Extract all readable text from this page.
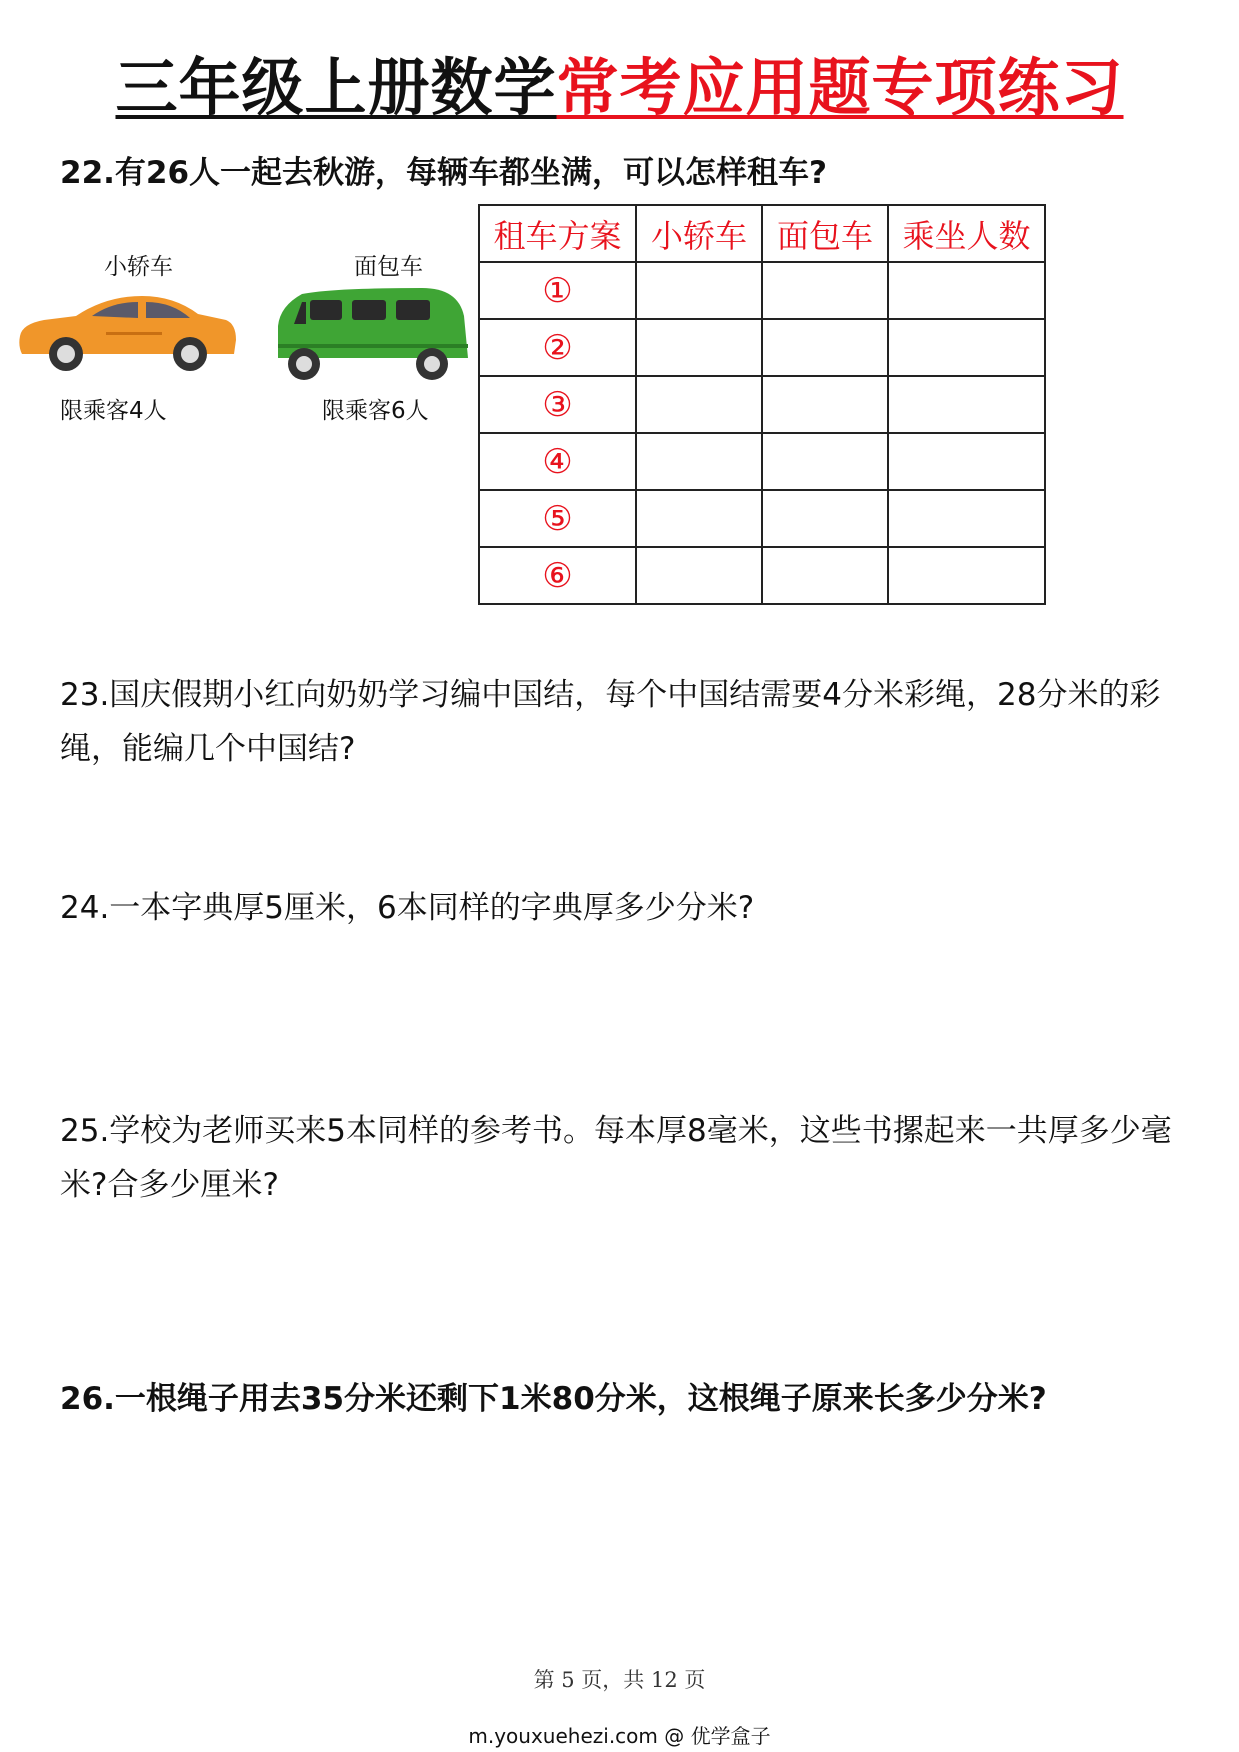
三年级上册数学常考应用题专项练习
22.有26人一起去秋游，每辆车都坐满，可以怎样租车?
小轿车
限乘客4人
面包车
限乘客6人
租车方案	小轿车	面包车	乘坐人数
①			
②			
③			
④			
⑤			
⑥			
23.国庆假期小红向奶奶学习编中国结，每个中国结需要4分米彩绳，28分米的彩绳，能编几个中国结?
24.一本字典厚5厘米，6本同样的字典厚多少分米?
25.学校为老师买来5本同样的参考书。每本厚8毫米，这些书摞起来一共厚多少毫米?合多少厘米?
26.一根绳子用去35分米还剩下1米80分米，这根绳子原来长多少分米?
第 5 页，共 12 页
m.youxuehezi.com @ 优学盒子
